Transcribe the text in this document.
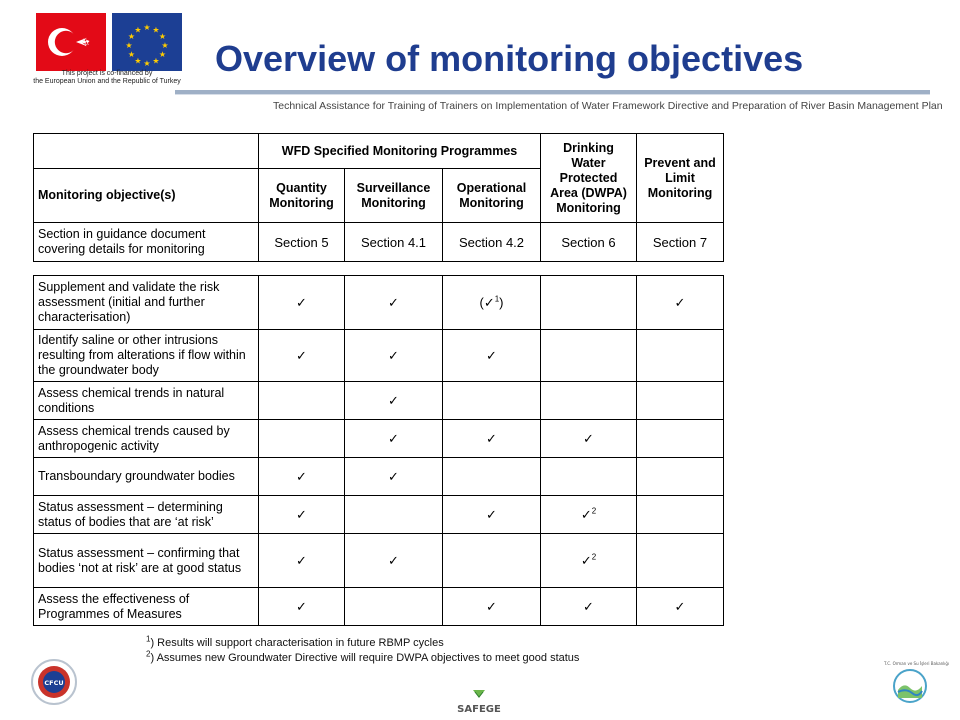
★ ★
★
★
★
★
★
★
★
★
★
★
This project is co-financed by
the European Union and the Republic of Turkey
Overview of monitoring objectives
Technical Assistance for Training of Trainers on Implementation of Water Framework Directive and Preparation of River Basin Management Plan
	WFD Specified Monitoring Programmes			Drinking Water Protected Area (DWPA) Monitoring	Prevent and Limit Monitoring
Monitoring objective(s)	Quantity Monitoring	Surveillance Monitoring	Operational Monitoring		
Section in guidance document covering details for monitoring	Section 5	Section 4.1	Section 4.2	Section 6	Section 7
Supplement and validate the risk assessment (initial and further characterisation)	✓	✓	(✓$^1$)		✓
Identify saline or other intrusions resulting from alterations if flow within the groundwater body	✓	✓	✓		
Assess chemical trends in natural conditions		✓			
Assess chemical trends caused by anthropogenic activity		✓	✓	✓	
Transboundary groundwater bodies	✓	✓			
Status assessment – determining status of bodies that are ‘at risk’	✓		✓	✓$^2$	
Status assessment – confirming that bodies ‘not at risk’ are at good status	✓	✓		✓$^2$	
Assess the effectiveness of Programmes of Measures	✓		✓	✓	✓
$^1$) Results will support characterisation in future RBMP cycles
$^2$) Assumes new Groundwater Directive will require DWPA objectives to meet good status
CFCU
SAFEGE
T.C. Orman ve Su İşleri Bakanlığı
